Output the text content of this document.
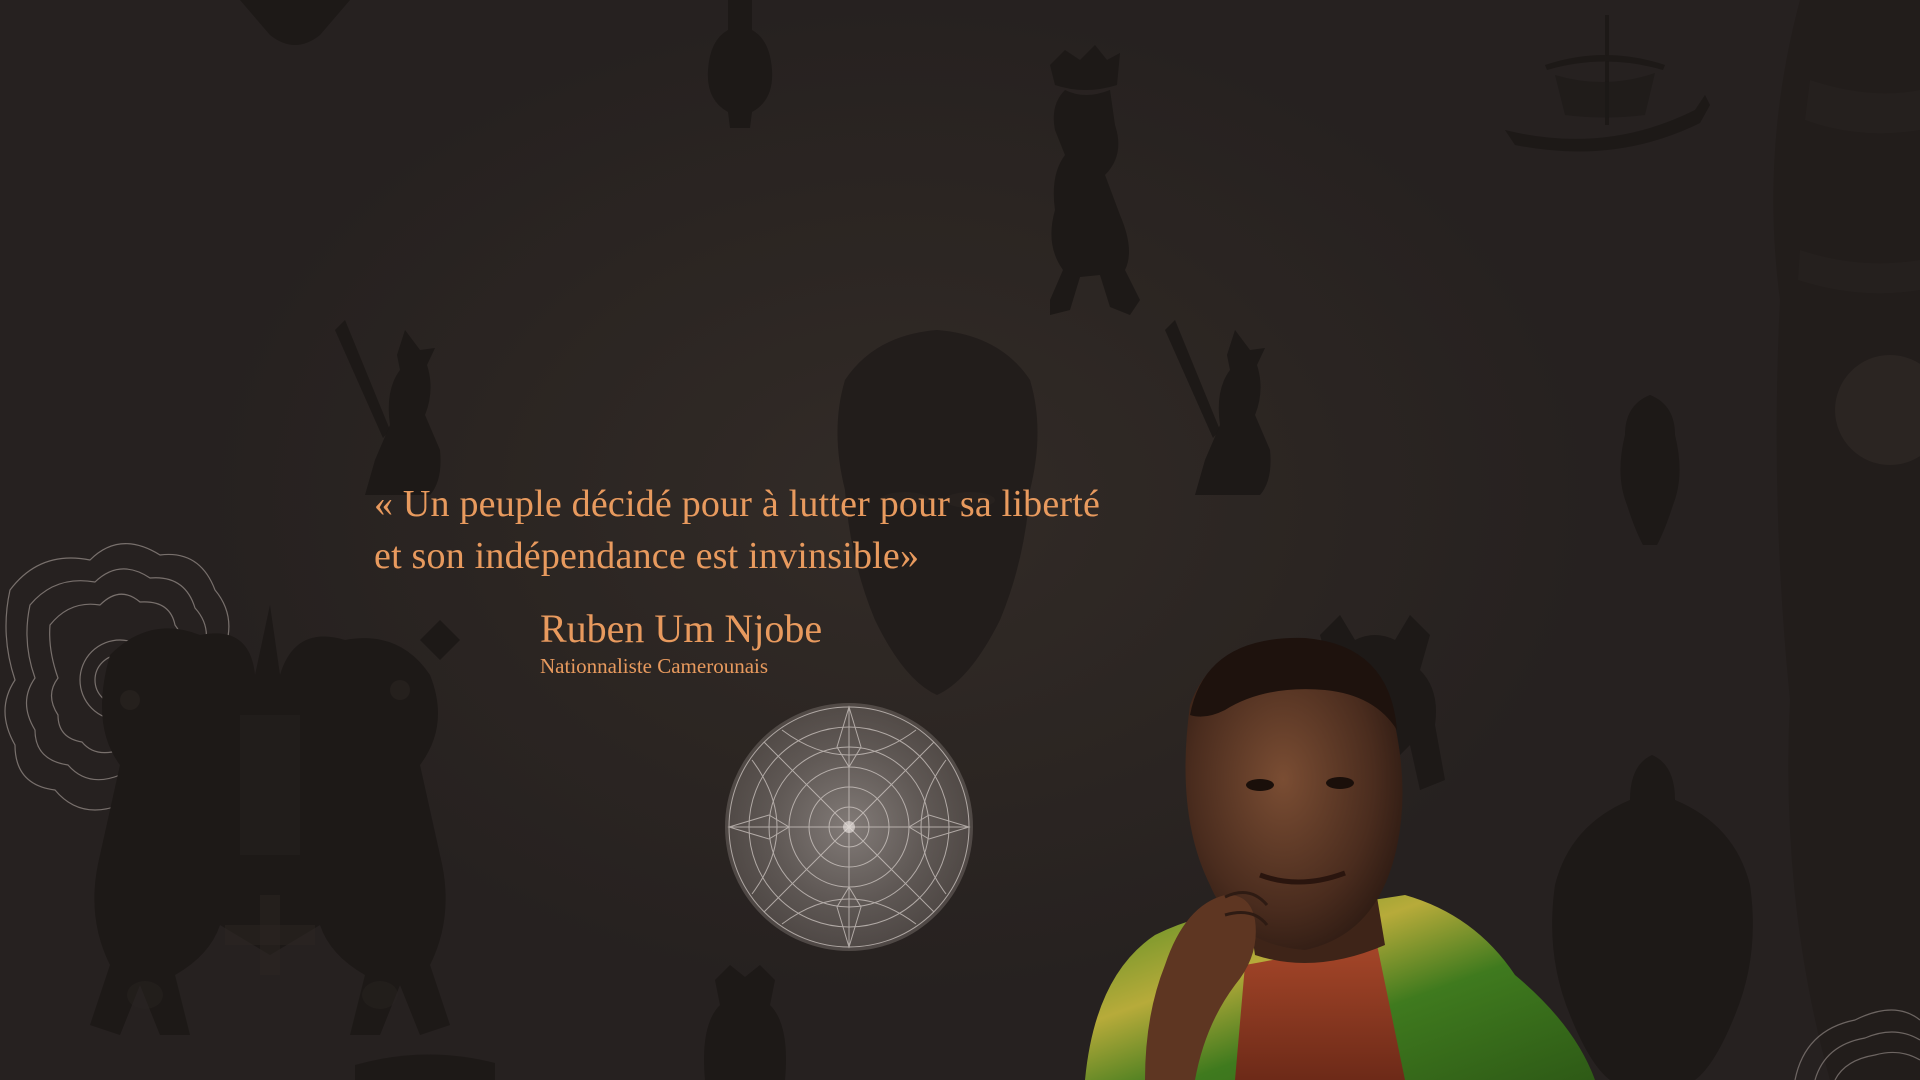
« Un peuple décidé pour à lutter pour sa liberté
et son indépendance est invinsible»
Ruben Um Njobe
Nationnaliste Camerounais
